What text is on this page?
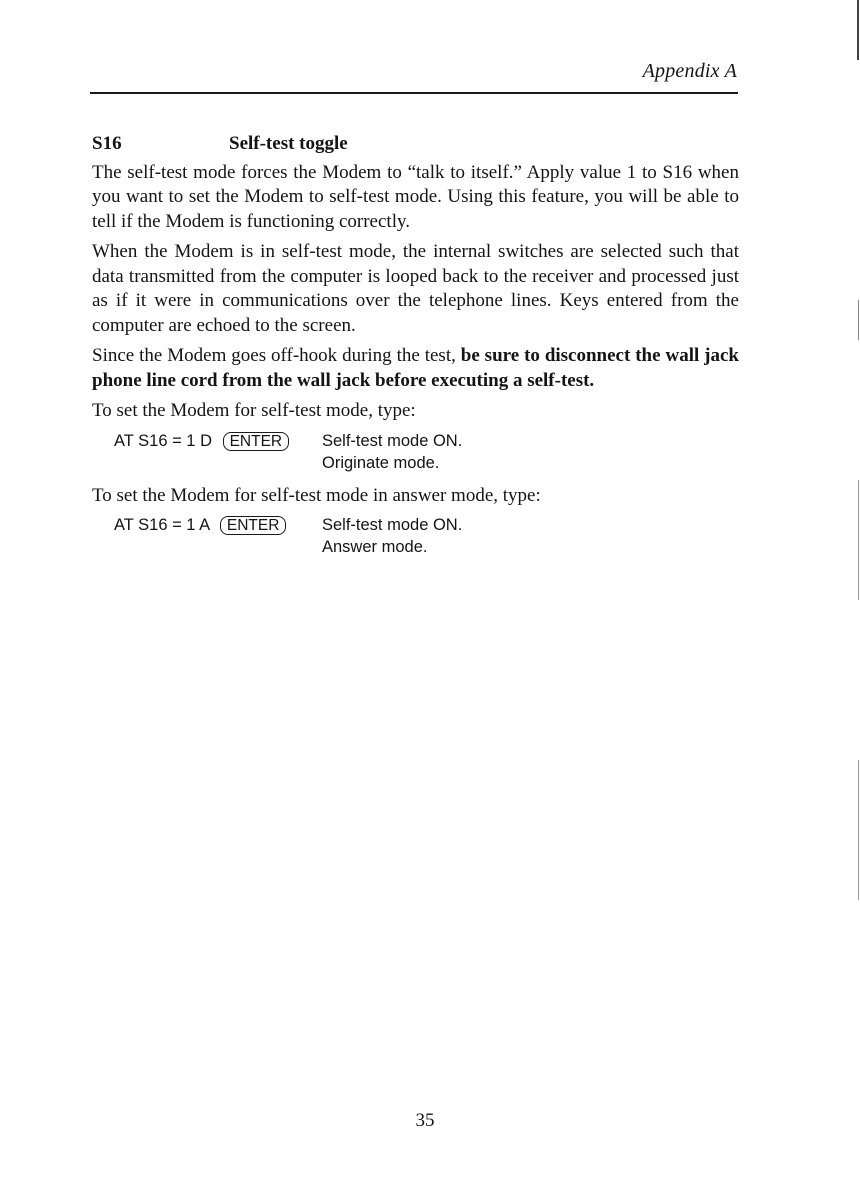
Appendix A
S16	Self-test toggle

The self-test mode forces the Modem to “talk to itself.” Apply value 1 to S16 when you want to set the Modem to self-test mode. Using this feature, you will be able to tell if the Modem is functioning correctly.

When the Modem is in self-test mode, the internal switches are selected such that data transmitted from the computer is looped back to the receiver and processed just as if it were in communications over the telephone lines. Keys entered from the computer are echoed to the screen.

Since the Modem goes off-hook during the test, be sure to disconnect the wall jack phone line cord from the wall jack before executing a self-test.

To set the Modem for self-test mode, type:

AT S16 = 1 D ENTER	Self-test mode ON.
Originate mode.

To set the Modem for self-test mode in answer mode, type:

AT S16 = 1 A ENTER	Self-test mode ON.
Answer mode.
35
